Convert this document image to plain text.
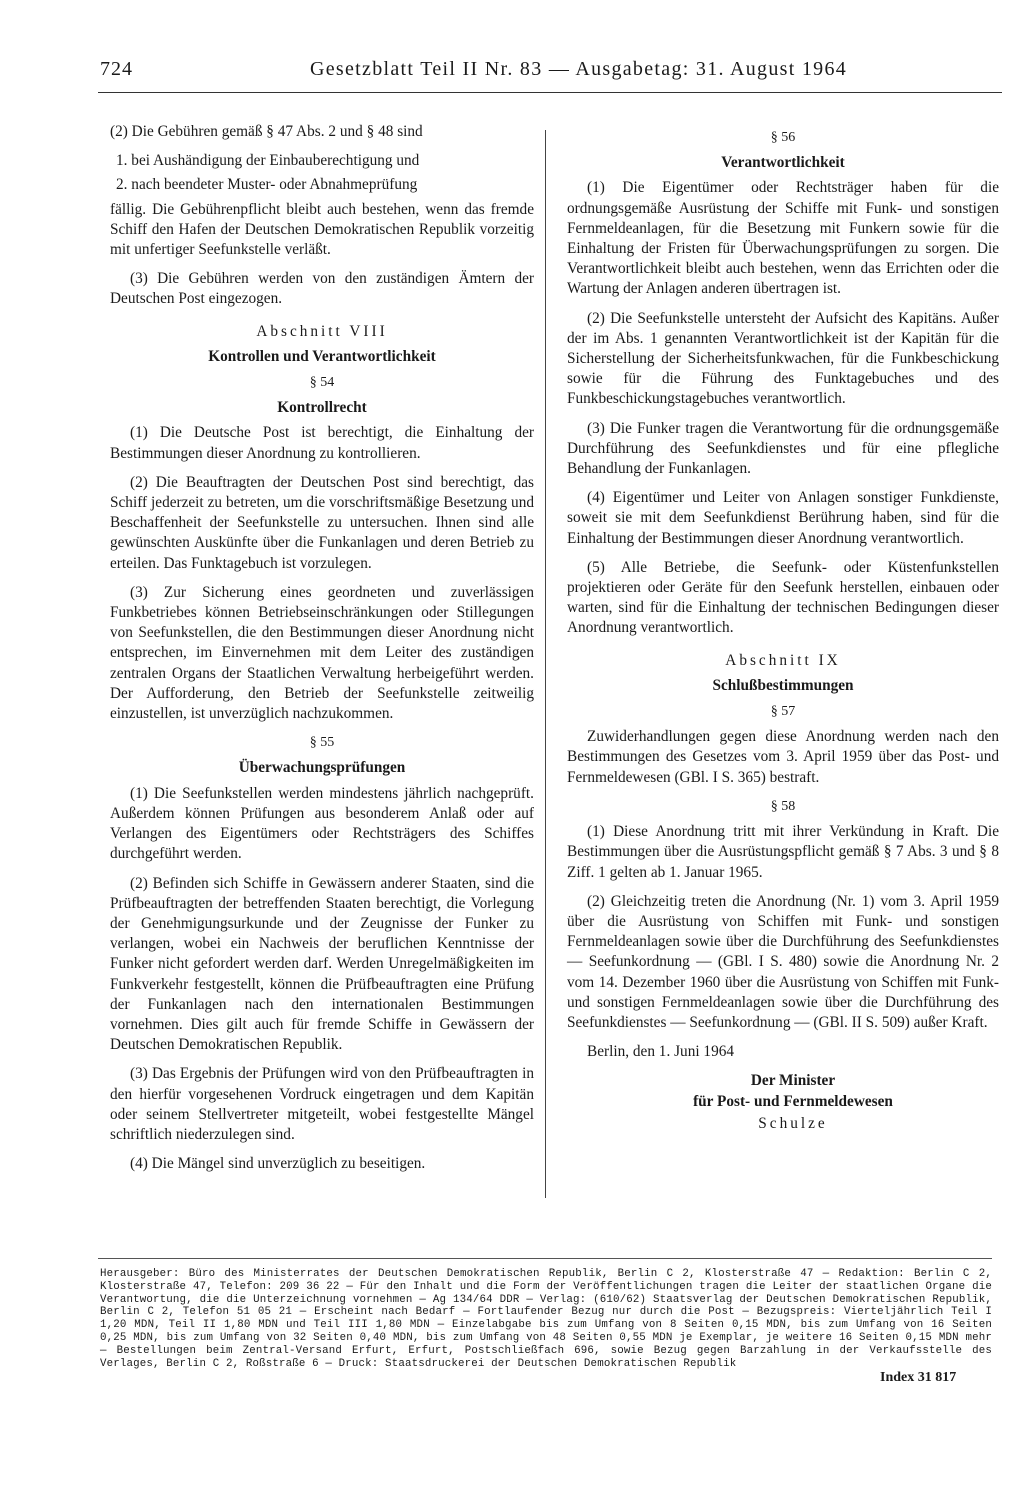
724	Gesetzblatt Teil II Nr. 83 — Ausgabetag: 31. August 1964

(2) Die Gebühren gemäß § 47 Abs. 2 und § 48 sind

1. bei Aushändigung der Einbauberechtigung und

2. nach beendeter Muster- oder Abnahmeprüfung

fällig. Die Gebührenpflicht bleibt auch bestehen, wenn das fremde Schiff den Hafen der Deutschen Demokratischen Republik vorzeitig mit unfertiger Seefunkstelle verläßt.

(3) Die Gebühren werden von den zuständigen Ämtern der Deutschen Post eingezogen.

Abschnitt VIII
Kontrollen und Verantwortlichkeit
§ 54
Kontrollrecht

(1) Die Deutsche Post ist berechtigt, die Einhaltung der Bestimmungen dieser Anordnung zu kontrollieren.

(2) Die Beauftragten der Deutschen Post sind berechtigt, das Schiff jederzeit zu betreten, um die vorschriftsmäßige Besetzung und Beschaffenheit der Seefunkstelle zu untersuchen. Ihnen sind alle gewünschten Auskünfte über die Funkanlagen und deren Betrieb zu erteilen. Das Funktagebuch ist vorzulegen.

(3) Zur Sicherung eines geordneten und zuverlässigen Funkbetriebes können Betriebseinschränkungen oder Stillegungen von Seefunkstellen, die den Bestimmungen dieser Anordnung nicht entsprechen, im Einvernehmen mit dem Leiter des zuständigen zentralen Organs der Staatlichen Verwaltung herbeigeführt werden. Der Aufforderung, den Betrieb der Seefunkstelle zeitweilig einzustellen, ist unverzüglich nachzukommen.

§ 55
Überwachungsprüfungen

(1) Die Seefunkstellen werden mindestens jährlich nachgeprüft. Außerdem können Prüfungen aus besonderem Anlaß oder auf Verlangen des Eigentümers oder Rechtsträgers des Schiffes durchgeführt werden.

(2) Befinden sich Schiffe in Gewässern anderer Staaten, sind die Prüfbeauftragten der betreffenden Staaten berechtigt, die Vorlegung der Genehmigungsurkunde und der Zeugnisse der Funker zu verlangen, wobei ein Nachweis der beruflichen Kenntnisse der Funker nicht gefordert werden darf. Werden Unregelmäßigkeiten im Funkverkehr festgestellt, können die Prüfbeauftragten eine Prüfung der Funkanlagen nach den internationalen Bestimmungen vornehmen. Dies gilt auch für fremde Schiffe in Gewässern der Deutschen Demokratischen Republik.

(3) Das Ergebnis der Prüfungen wird von den Prüfbeauftragten in den hierfür vorgesehenen Vordruck eingetragen und dem Kapitän oder seinem Stellvertreter mitgeteilt, wobei festgestellte Mängel schriftlich niederzulegen sind.

(4) Die Mängel sind unverzüglich zu beseitigen.

§ 56
Verantwortlichkeit

(1) Die Eigentümer oder Rechtsträger haben für die ordnungsgemäße Ausrüstung der Schiffe mit Funk- und sonstigen Fernmeldeanlagen, für die Besetzung mit Funkern sowie für die Einhaltung der Fristen für Überwachungsprüfungen zu sorgen. Die Verantwortlichkeit bleibt auch bestehen, wenn das Errichten oder die Wartung der Anlagen anderen übertragen ist.

(2) Die Seefunkstelle untersteht der Aufsicht des Kapitäns. Außer der im Abs. 1 genannten Verantwortlichkeit ist der Kapitän für die Sicherstellung der Sicherheitsfunkwachen, für die Funkbeschickung sowie für die Führung des Funktagebuches und des Funkbeschickungstagebuches verantwortlich.

(3) Die Funker tragen die Verantwortung für die ordnungsgemäße Durchführung des Seefunkdienstes und für eine pflegliche Behandlung der Funkanlagen.

(4) Eigentümer und Leiter von Anlagen sonstiger Funkdienste, soweit sie mit dem Seefunkdienst Berührung haben, sind für die Einhaltung der Bestimmungen dieser Anordnung verantwortlich.

(5) Alle Betriebe, die Seefunk- oder Küstenfunkstellen projektieren oder Geräte für den Seefunk herstellen, einbauen oder warten, sind für die Einhaltung der technischen Bedingungen dieser Anordnung verantwortlich.

Abschnitt IX
Schlußbestimmungen
§ 57

Zuwiderhandlungen gegen diese Anordnung werden nach den Bestimmungen des Gesetzes vom 3. April 1959 über das Post- und Fernmeldewesen (GBl. I S. 365) bestraft.

§ 58

(1) Diese Anordnung tritt mit ihrer Verkündung in Kraft. Die Bestimmungen über die Ausrüstungspflicht gemäß § 7 Abs. 3 und § 8 Ziff. 1 gelten ab 1. Januar 1965.

(2) Gleichzeitig treten die Anordnung (Nr. 1) vom 3. April 1959 über die Ausrüstung von Schiffen mit Funk- und sonstigen Fernmeldeanlagen sowie über die Durchführung des Seefunkdienstes — Seefunkordnung — (GBl. I S. 480) sowie die Anordnung Nr. 2 vom 14. Dezember 1960 über die Ausrüstung von Schiffen mit Funk- und sonstigen Fernmeldeanlagen sowie über die Durchführung des Seefunkdienstes — Seefunkordnung — (GBl. II S. 509) außer Kraft.

Berlin, den 1. Juni 1964

Der Minister

für Post- und Fernmeldewesen

Schulze

Herausgeber: Büro des Ministerrates der Deutschen Demokratischen Republik, Berlin C 2, Klosterstraße 47 — Redaktion: Berlin C 2, Klosterstraße 47, Telefon: 209 36 22 — Für den Inhalt und die Form der Veröffentlichungen tragen die Leiter der staatlichen Organe die Verantwortung, die die Unterzeichnung vornehmen — Ag 134/64 DDR — Verlag: (610/62) Staatsverlag der Deutschen Demokratischen Republik, Berlin C 2, Telefon 51 05 21 — Erscheint nach Bedarf — Fortlaufender Bezug nur durch die Post — Bezugspreis: Vierteljährlich Teil I 1,20 MDN, Teil II 1,80 MDN und Teil III 1,80 MDN — Einzelabgabe bis zum Umfang von 8 Seiten 0,15 MDN, bis zum Umfang von 16 Seiten 0,25 MDN, bis zum Umfang von 32 Seiten 0,40 MDN, bis zum Umfang von 48 Seiten 0,55 MDN je Exemplar, je weitere 16 Seiten 0,15 MDN mehr — Bestellungen beim Zentral-Versand Erfurt, Erfurt, Postschließfach 696, sowie Bezug gegen Barzahlung in der Verkaufsstelle des Verlages, Berlin C 2, Roßstraße 6 — Druck: Staatsdruckerei der Deutschen Demokratischen Republik
Index 31 817
